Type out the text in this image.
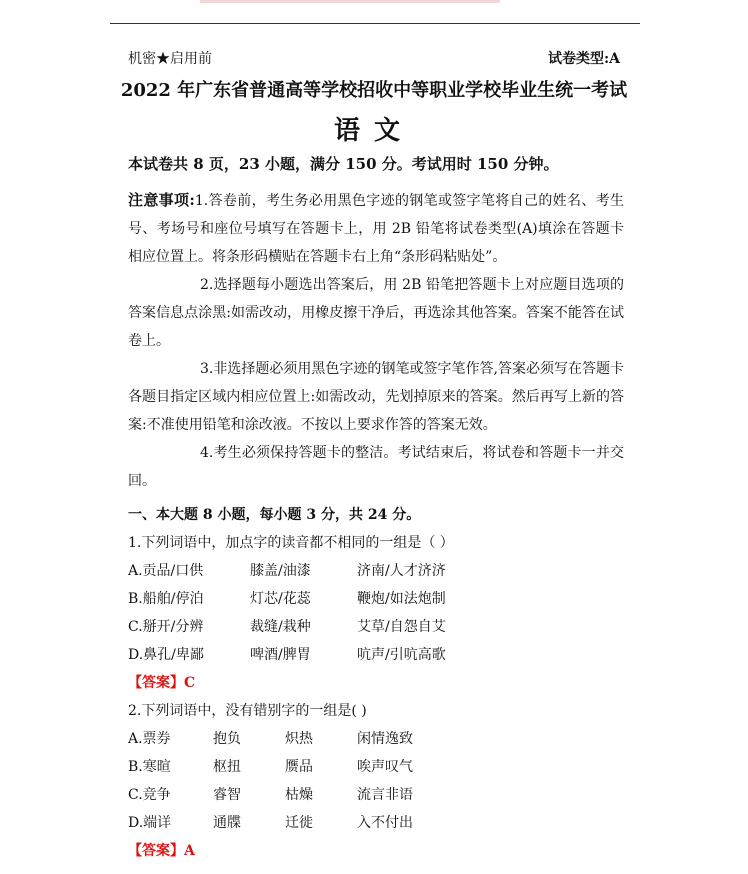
机密★启用前	试卷类型:A
2022 年广东省普通高等学校招收中等职业学校毕业生统一考试
语文
本试卷共 8 页，23 小题，满分 150 分。考试用时 150 分钟。
注意事项:1.答卷前，考生务必用黑色字迹的钢笔或签字笔将自己的姓名、考生号、考场号和座位号填写在答题卡上，用 2B 铅笔将试卷类型(A)填涂在答题卡相应位置上。将条形码横贴在答题卡右上角“条形码粘贴处”。
2.选择题每小题选出答案后，用 2B 铅笔把答题卡上对应题目选项的答案信息点涂黑:如需改动，用橡皮擦干净后，再选涂其他答案。答案不能答在试卷上。
3.非选择题必须用黑色字迹的钢笔或签字笔作答,答案必须写在答题卡各题目指定区域内相应位置上:如需改动，先划掉原来的答案。然后再写上新的答案:不准使用铅笔和涂改液。不按以上要求作答的答案无效。
4.考生必须保持答题卡的整洁。考试结束后，将试卷和答题卡一并交回。
一、本大题 8 小题，每小题 3 分，共 24 分。
1.下列词语中，加点字的读音都不相同的一组是（ ）
A.贡品/口供	膝盖/油漆	济南/人才济济
B.船舶/停泊	灯芯/花蕊	鞭炮/如法炮制
C.掰开/分辨	裁缝/栽种	艾草/自怨自艾
D.鼻孔/卑鄙	啤酒/脾胃	吭声/引吭高歌
【答案】C
2.下列词语中，没有错别字的一组是( )
A.票券	抱负	炽热	闲情逸致
B.寒暄	枢扭	赝品	唉声叹气
C.竞争	睿智	枯燥	流言非语
D.端详	通牒	迁徙	入不付出
【答案】A
